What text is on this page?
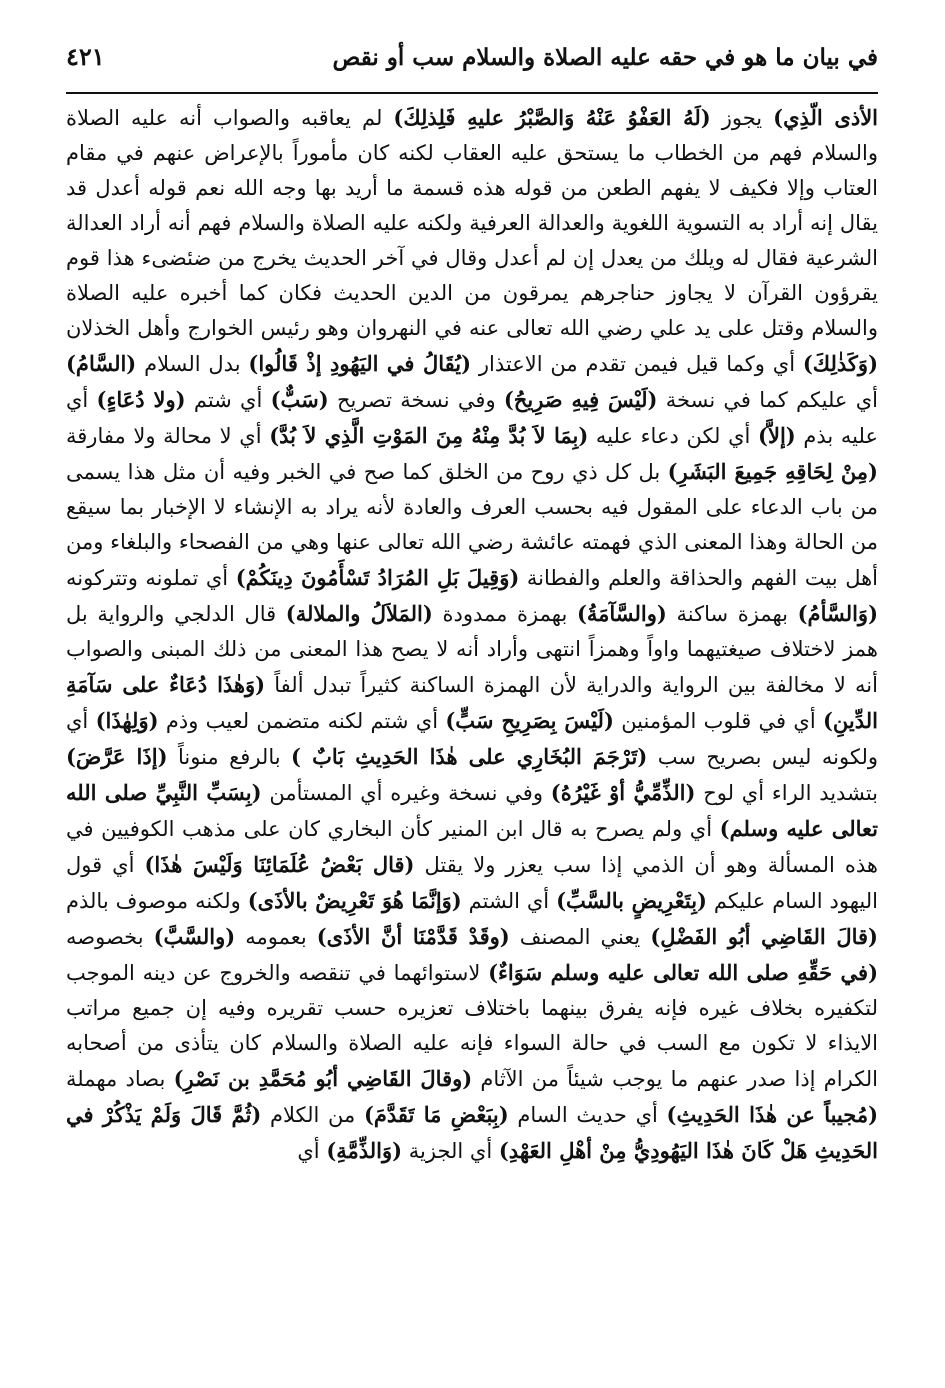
في بيان ما هو في حقه عليه الصلاة والسلام سب أو نقص
٤٢١

الأذى الّذِي) يجوز (لَهُ العَفْوُ عَنْهُ وَالصَّبْرُ عليهِ فَلِذلِكَ) لم يعاقبه والصواب أنه عليه الصلاة والسلام فهم من الخطاب ما يستحق عليه العقاب لكنه كان مأموراً بالإعراض عنهم في مقام العتاب وإلا فكيف لا يفهم الطعن من قوله هذه قسمة ما أريد بها وجه الله نعم قوله أعدل قد يقال إنه أراد به التسوية اللغوية والعدالة العرفية ولكنه عليه الصلاة والسلام فهم أنه أراد العدالة الشرعية فقال له ويلك من يعدل إن لم أعدل وقال في آخر الحديث يخرج من ضئضىء هذا قوم يقرؤون القرآن لا يجاوز حناجرهم يمرقون من الدين الحديث فكان كما أخبره عليه الصلاة والسلام وقتل على يد علي رضي الله تعالى عنه في النهروان وهو رئيس الخوارج وأهل الخذلان (وَكَذٰلِكَ) أي وكما قيل فيمن تقدم من الاعتذار (يُقَالُ في اليَهُودِ إذْ قَالُوا) بدل السلام (السَّامُ) أي عليكم كما في نسخة (لَيْسَ فِيهِ صَرِيحُ) وفي نسخة تصريح (سَبٌّ) أي شتم (ولا دُعَاءٍ) أي عليه بذم (إلاَّ) أي لكن دعاء عليه (بِمَا لاَ بُدَّ مِنْهُ مِنَ المَوْتِ الَّذِي لاَ بُدَّ) أي لا محالة ولا مفارقة (مِنْ لِحَاقِهِ جَمِيعَ البَشَرِ) بل كل ذي روح من الخلق كما صح في الخبر وفيه أن مثل هذا يسمى من باب الدعاء على المقول فيه بحسب العرف والعادة لأنه يراد به الإنشاء لا الإخبار بما سيقع من الحالة وهذا المعنى الذي فهمته عائشة رضي الله تعالى عنها وهي من الفصحاء والبلغاء ومن أهل بيت الفهم والحذاقة والعلم والفطانة (وَقِيلَ بَلِ المُرَادُ تَسْأَمُونَ دِينَكُمْ) أي تملونه وتتركونه (وَالسَّأمُ) بهمزة ساكنة (والسَّآمَةُ) بهمزة ممدودة (المَلاَلُ والملالة) قال الدلجي والرواية بل همز لاختلاف صيغتيهما واواً وهمزاً انتهى وأراد أنه لا يصح هذا المعنى من ذلك المبنى والصواب أنه لا مخالفة بين الرواية والدراية لأن الهمزة الساكنة كثيراً تبدل ألفاً (وَهٰذَا دُعَاءٌ على سَآمَةِ الدِّينِ) أي في قلوب المؤمنين (لَيْسَ بِصَرِيحِ سَبٍّ) أي شتم لكنه متضمن لعيب وذم (وَلِهٰذَا) أي ولكونه ليس بصريح سب (تَرْجَمَ البُخَارِي على هٰذَا الحَدِيثِ بَابٌ ) بالرفع منوناً (إذَا عَرَّضَ) بتشديد الراء أي لوح (الذِّمِّيُّ أوْ غَيْرُهُ) وفي نسخة وغيره أي المستأمن (بِسَبِّ النَّبِيِّ صلى الله تعالى عليه وسلم) أي ولم يصرح به قال ابن المنير كأن البخاري كان على مذهب الكوفيين في هذه المسألة وهو أن الذمي إذا سب يعزر ولا يقتل (قال بَعْضُ عُلَمَائِنَا وَلَيْسَ هٰذَا) أي قول اليهود السام عليكم (بِتَعْرِيضٍ بالسَّبِّ) أي الشتم (وَإنَّمَا هُوَ تَعْرِيضٌ بالأذَى) ولكنه موصوف بالذم (قالَ القَاضِي أبُو الفَضْلِ) يعني المصنف (وقَدْ قَدَّمْنَا أنَّ الأذَى) بعمومه (والسَّبَّ) بخصوصه (في حَقِّهِ صلى الله تعالى عليه وسلم سَوَاءٌ) لاستوائهما في تنقصه والخروج عن دينه الموجب لتكفيره بخلاف غيره فإنه يفرق بينهما باختلاف تعزيره حسب تقريره وفيه إن جميع مراتب الايذاء لا تكون مع السب في حالة السواء فإنه عليه الصلاة والسلام كان يتأذى من أصحابه الكرام إذا صدر عنهم ما يوجب شيئاً من الآثام (وقالَ القَاضِي أبُو مُحَمَّدِ بن نَصْرِ) بصاد مهملة (مُجيباً عن هٰذَا الحَدِيثِ) أي حديث السام (بِبَعْضِ مَا تَقَدَّمَ) من الكلام (ثُمَّ قَالَ وَلَمْ يَذْكُرْ في الحَدِيثِ هَلْ كَانَ هٰذَا اليَهُودِيُّ مِنْ أهْلِ العَهْدِ) أي الجزية (وَالذِّمَّةِ) أي
